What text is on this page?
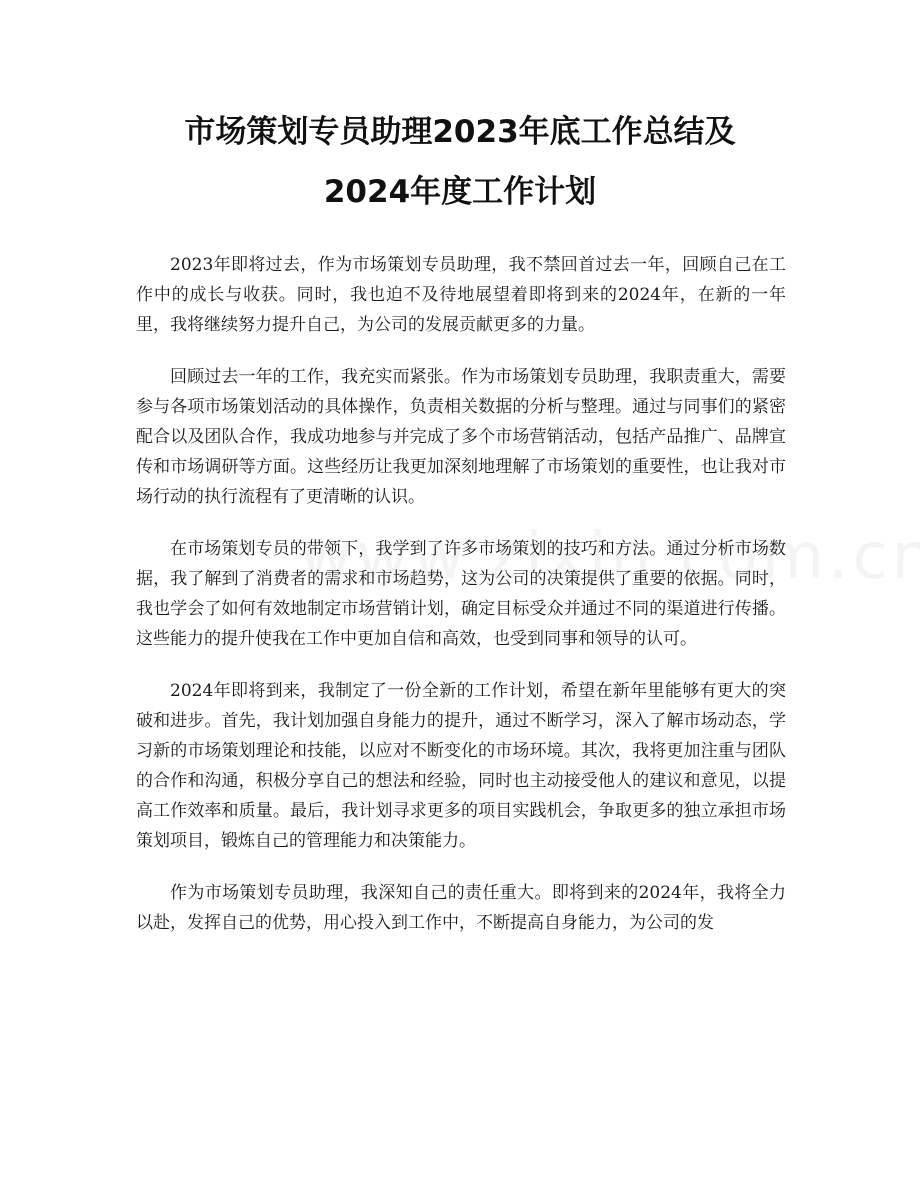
市场策划专员助理2023年底工作总结及
2024年度工作计划

2023年即将过去，作为市场策划专员助理，我不禁回首过去一年，回顾自己在工作中的成长与收获。同时，我也迫不及待地展望着即将到来的2024年，在新的一年里，我将继续努力提升自己，为公司的发展贡献更多的力量。

回顾过去一年的工作，我充实而紧张。作为市场策划专员助理，我职责重大，需要参与各项市场策划活动的具体操作，负责相关数据的分析与整理。通过与同事们的紧密配合以及团队合作，我成功地参与并完成了多个市场营销活动，包括产品推广、品牌宣传和市场调研等方面。这些经历让我更加深刻地理解了市场策划的重要性，也让我对市场行动的执行流程有了更清晰的认识。

在市场策划专员的带领下，我学到了许多市场策划的技巧和方法。通过分析市场数据，我了解到了消费者的需求和市场趋势，这为公司的决策提供了重要的依据。同时，我也学会了如何有效地制定市场营销计划，确定目标受众并通过不同的渠道进行传播。这些能力的提升使我在工作中更加自信和高效，也受到同事和领导的认可。

2024年即将到来，我制定了一份全新的工作计划，希望在新年里能够有更大的突破和进步。首先，我计划加强自身能力的提升，通过不断学习，深入了解市场动态，学习新的市场策划理论和技能，以应对不断变化的市场环境。其次，我将更加注重与团队的合作和沟通，积极分享自己的想法和经验，同时也主动接受他人的建议和意见，以提高工作效率和质量。最后，我计划寻求更多的项目实践机会，争取更多的独立承担市场策划项目，锻炼自己的管理能力和决策能力。

作为市场策划专员助理，我深知自己的责任重大。即将到来的2024年，我将全力以赴，发挥自己的优势，用心投入到工作中，不断提高自身能力，为公司的发
